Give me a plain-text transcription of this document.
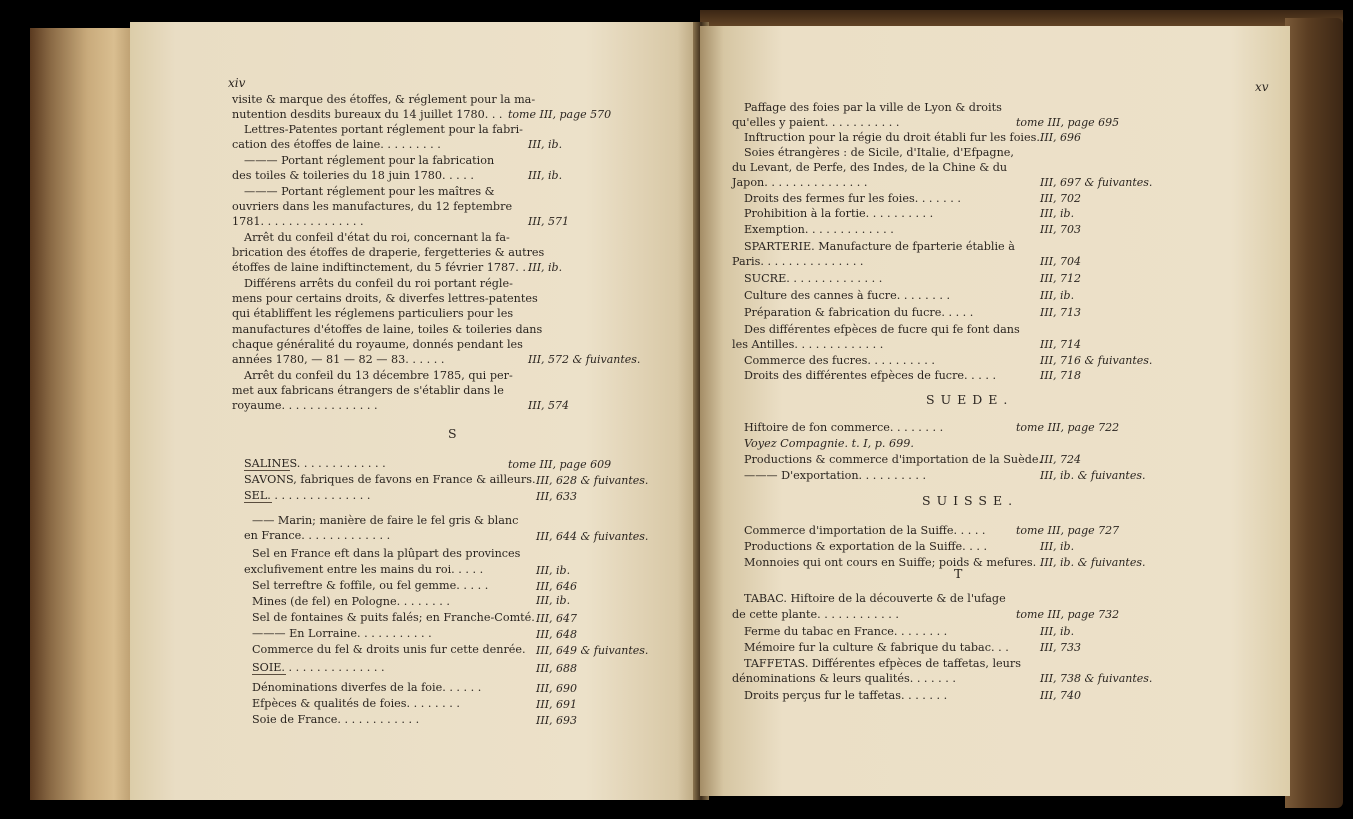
xiv
visite & marque des étoffes, & réglement pour la ma-
nutention desdits bureaux du 14 juillet 1780. . .
Lettres-Patentes portant réglement pour la fabri-
cation des étoffes de laine. . . . . . . . .
——— Portant réglement pour la fabrication
des toiles & toileries du 18 juin 1780. . . . .
——— Portant réglement pour les maîtres &
ouvriers dans les manufactures, du 12 feptembre
1781. . . . . . . . . . . . . . .
Arrêt du confeil d'état du roi, concernant la fa-
brication des étoffes de draperie, fergetteries & autres
étoffes de laine indiftinctement, du 5 février 1787. .
Différens arrêts du confeil du roi portant régle-
mens pour certains droits, & diverfes lettres-patentes
qui établiffent les réglemens particuliers pour les
manufactures d'étoffes de laine, toiles & toileries dans
chaque généralité du royaume, donnés pendant les
années 1780, — 81 — 82 — 83. . . . . .
Arrêt du confeil du 13 décembre 1785, qui per-
met aux fabricans étrangers de s'établir dans le
royaume. . . . . . . . . . . . . .
tome III, page 570
III, ib.
III, ib.
III, 571
III, ib.
III, 572 & fuivantes.
III, 574
S
SALINES. . . . . . . . . . . . .
SAVONS, fabriques de favons en France & ailleurs.
SEL. . . . . . . . . . . . . . .
—— Marin; manière de faire le fel gris & blanc
en France. . . . . . . . . . . . .
Sel en France eft dans la plûpart des provinces
exclufivement entre les mains du roi. . . . .
Sel terreftre & foffile, ou fel gemme. . . . .
Mines (de fel) en Pologne. . . . . . . .
Sel de fontaines & puits falés; en Franche-Comté.
——— En Lorraine. . . . . . . . . . .
Commerce du fel & droits unis fur cette denrée.
SOIE. . . . . . . . . . . . . . .
Dénominations diverfes de la foie. . . . . .
Efpèces & qualités de foies. . . . . . . .
Soie de France. . . . . . . . . . . .
tome III, page 609
III, 628 & fuivantes.
III, 633
III, 644 & fuivantes.
III, ib.
III, 646
III, ib.
III, 647
III, 648
III, 649 & fuivantes.
III, 688
III, 690
III, 691
III, 693
xv
Paffage des foies par la ville de Lyon & droits
qu'elles y paient. . . . . . . . . . .
Inftruction pour la régie du droit établi fur les foies.
Soies étrangères : de Sicile, d'Italie, d'Efpagne,
du Levant, de Perfe, des Indes, de la Chine & du
Japon. . . . . . . . . . . . . . .
Droits des fermes fur les foies. . . . . . .
Prohibition à la fortie. . . . . . . . . .
Exemption. . . . . . . . . . . . .
SPARTERIE. Manufacture de fparterie établie à
Paris. . . . . . . . . . . . . . .
SUCRE. . . . . . . . . . . . . .
Culture des cannes à fucre. . . . . . . .
Préparation & fabrication du fucre. . . . .
Des différentes efpèces de fucre qui fe font dans
les Antilles. . . . . . . . . . . . .
Commerce des fucres. . . . . . . . . .
Droits des différentes efpèces de fucre. . . . .
tome III, page 695
III, 696
III, 697 & fuivantes.
III, 702
III, ib.
III, 703
III, 704
III, 712
III, ib.
III, 713
III, 714
III, 716 & fuivantes.
III, 718
SUEDE.
Hiftoire de fon commerce. . . . . . . .
Voyez Compagnie. t. I, p. 699.
Productions & commerce d'importation de la Suède.
——— D'exportation. . . . . . . . . .
tome III, page 722
III, 724
III, ib. & fuivantes.
SUISSE.
Commerce d'importation de la Suiffe. . . . .
Productions & exportation de la Suiffe. . . .
Monnoies qui ont cours en Suiffe; poids & mefures.
tome III, page 727
III, ib.
III, ib. & fuivantes.
T
TABAC. Hiftoire de la découverte & de l'ufage
de cette plante. . . . . . . . . . . .
Ferme du tabac en France. . . . . . . .
Mémoire fur la culture & fabrique du tabac. . .
TAFFETAS. Différentes efpèces de taffetas, leurs
dénominations & leurs qualités. . . . . . .
Droits perçus fur le taffetas. . . . . . .
tome III, page 732
III, ib.
III, 733
III, 738 & fuivantes.
III, 740
